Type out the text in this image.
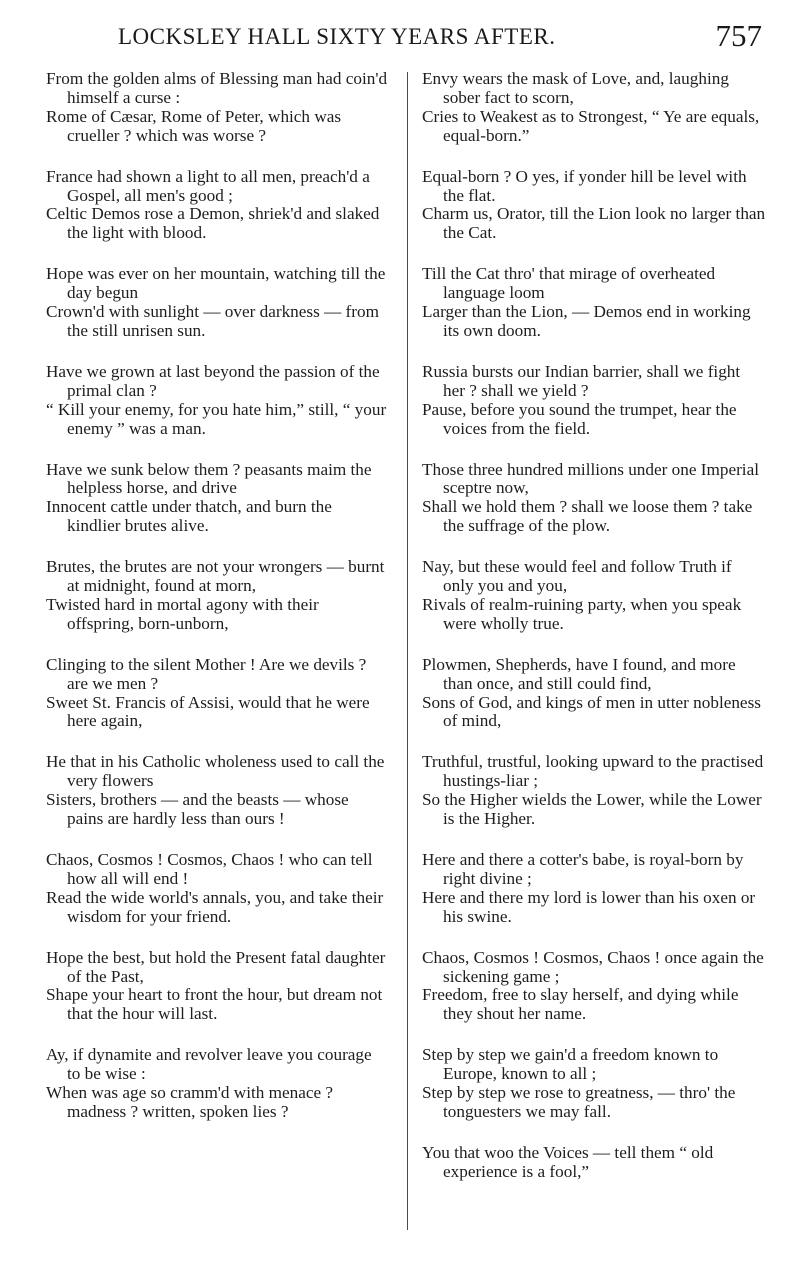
LOCKSLEY HALL SIXTY YEARS AFTER.	757
From the golden alms of Blessing man had coin'd himself a curse :
Rome of Cæsar, Rome of Peter, which was crueller ? which was worse ?
France had shown a light to all men, preach'd a Gospel, all men's good ;
Celtic Demos rose a Demon, shriek'd and slaked the light with blood.
Hope was ever on her mountain, watching till the day begun
Crown'd with sunlight — over darkness — from the still unrisen sun.
Have we grown at last beyond the passion of the primal clan ?
“ Kill your enemy, for you hate him,” still, “ your enemy ” was a man.
Have we sunk below them ? peasants maim the helpless horse, and drive
Innocent cattle under thatch, and burn the kindlier brutes alive.
Brutes, the brutes are not your wrongers — burnt at midnight, found at morn,
Twisted hard in mortal agony with their offspring, born-unborn,
Clinging to the silent Mother ! Are we devils ? are we men ?
Sweet St. Francis of Assisi, would that he were here again,
He that in his Catholic wholeness used to call the very flowers
Sisters, brothers — and the beasts — whose pains are hardly less than ours !
Chaos, Cosmos ! Cosmos, Chaos ! who can tell how all will end !
Read the wide world's annals, you, and take their wisdom for your friend.
Hope the best, but hold the Present fatal daughter of the Past,
Shape your heart to front the hour, but dream not that the hour will last.
Ay, if dynamite and revolver leave you courage to be wise :
When was age so cramm'd with menace ? madness ? written, spoken lies ?
Envy wears the mask of Love, and, laughing sober fact to scorn,
Cries to Weakest as to Strongest, “ Ye are equals, equal-born.”
Equal-born ? O yes, if yonder hill be level with the flat.
Charm us, Orator, till the Lion look no larger than the Cat.
Till the Cat thro' that mirage of overheated language loom
Larger than the Lion, — Demos end in working its own doom.
Russia bursts our Indian barrier, shall we fight her ? shall we yield ?
Pause, before you sound the trumpet, hear the voices from the field.
Those three hundred millions under one Imperial sceptre now,
Shall we hold them ? shall we loose them ? take the suffrage of the plow.
Nay, but these would feel and follow Truth if only you and you,
Rivals of realm-ruining party, when you speak were wholly true.
Plowmen, Shepherds, have I found, and more than once, and still could find,
Sons of God, and kings of men in utter nobleness of mind,
Truthful, trustful, looking upward to the practised hustings-liar ;
So the Higher wields the Lower, while the Lower is the Higher.
Here and there a cotter's babe, is royal-born by right divine ;
Here and there my lord is lower than his oxen or his swine.
Chaos, Cosmos ! Cosmos, Chaos ! once again the sickening game ;
Freedom, free to slay herself, and dying while they shout her name.
Step by step we gain'd a freedom known to Europe, known to all ;
Step by step we rose to greatness, — thro' the tonguesters we may fall.
You that woo the Voices — tell them “ old experience is a fool,”
